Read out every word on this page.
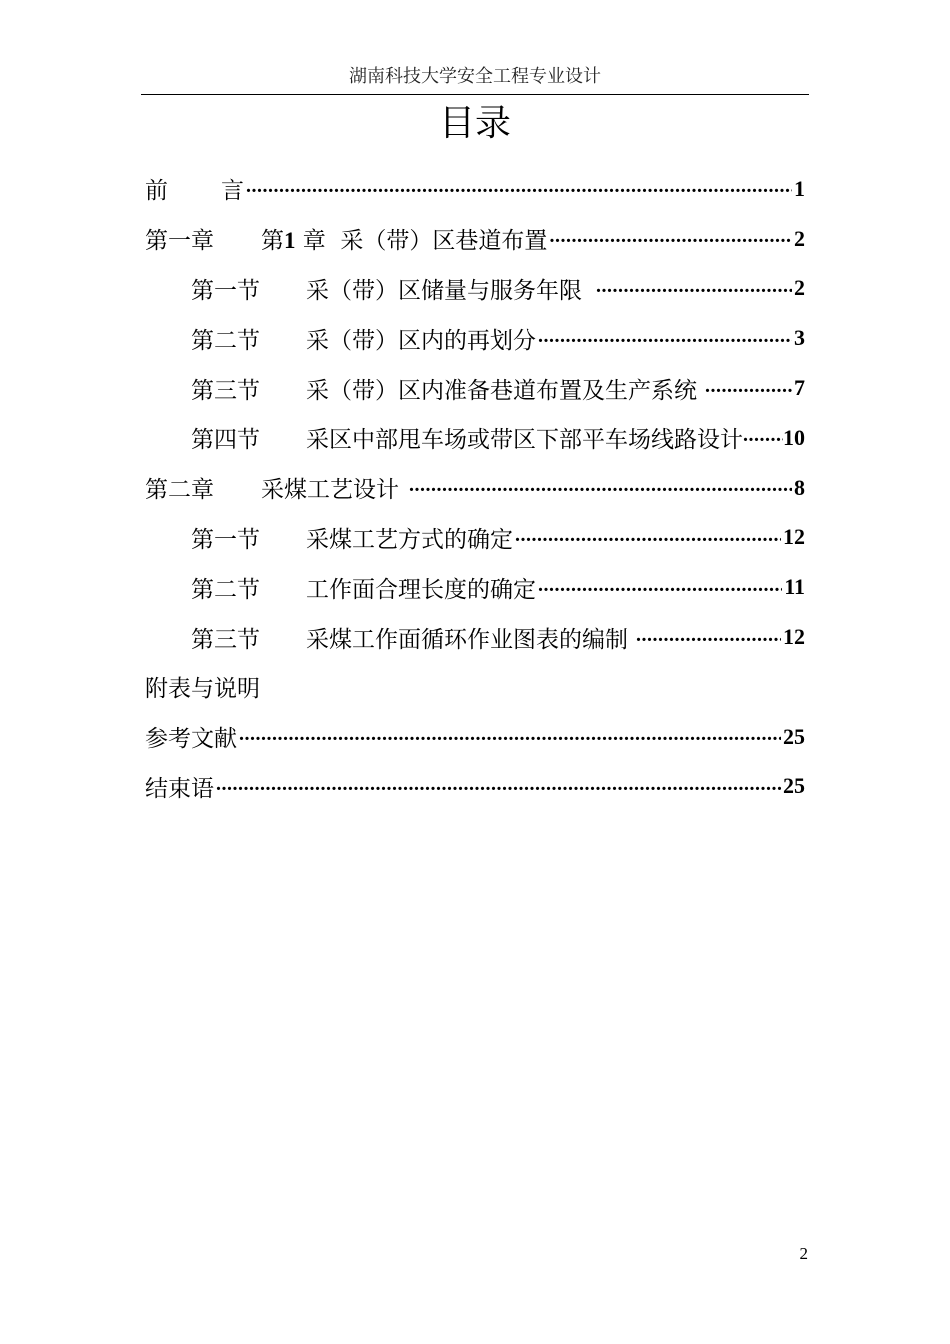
湖南科技大学安全工程专业设计
目录
前	言 .....	1
第一章	第1 章  采（带）区巷道布置 .....	2
第一节	采（带）区储量与服务年限 .....	2
第二节	采（带）区内的再划分 .....	3
第三节	采（带）区内准备巷道布置及生产系统 .....	7
第四节	采区中部甩车场或带区下部平车场线路设计 ..... 10
第二章	采煤工艺设计 .....	8
第一节	采煤工艺方式的确定 .....	12
第二节	工作面合理长度的确定 .....	11
第三节	采煤工作面循环作业图表的编制 .....	12
附表与说明
参考文献 .....	25
结束语 .....	25
2
